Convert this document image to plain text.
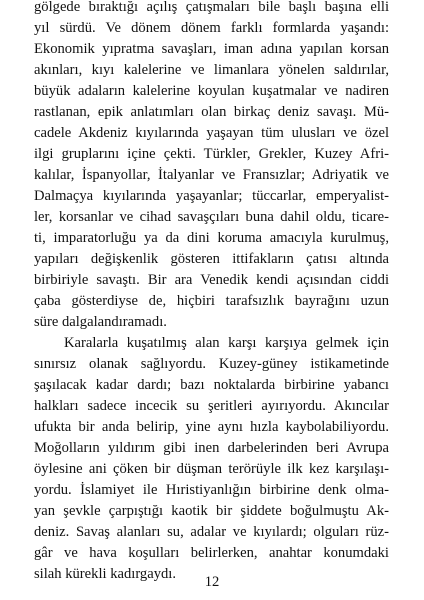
gölgede bıraktığı açılış çatışmaları bile başlı başına elli
yıl sürdü. Ve dönem dönem farklı formlarda yaşandı:
Ekonomik yıpratma savaşları, iman adına yapılan korsan
akınları, kıyı kalelerine ve limanlara yönelen saldırılar,
büyük adaların kalelerine koyulan kuşatmalar ve nadiren
rastlanan, epik anlatımları olan birkaç deniz savaşı. Mü-
cadele Akdeniz kıyılarında yaşayan tüm ulusları ve özel
ilgi gruplarını içine çekti. Türkler, Grekler, Kuzey Afri-
kalılar, İspanyollar, İtalyanlar ve Fransızlar; Adriyatik ve
Dalmaçya kıyılarında yaşayanlar; tüccarlar, emperyalist-
ler, korsanlar ve cihad savaşçıları buna dahil oldu, ticare-
ti, imparatorluğu ya da dini koruma amacıyla kurulmuş,
yapıları değişkenlik gösteren ittifakların çatısı altında
birbiriyle savaştı. Bir ara Venedik kendi açısından ciddi
çaba gösterdiyse de, hiçbiri tarafsızlık bayrağını uzun
süre dalgalandıramadı.

Karalarla kuşatılmış alan karşı karşıya gelmek için
sınırsız olanak sağlıyordu. Kuzey-güney istikametinde
şaşılacak kadar dardı; bazı noktalarda birbirine yabancı
halkları sadece incecik su şeritleri ayırıyordu. Akıncılar
ufukta bir anda belirip, yine aynı hızla kaybolabiliyordu.
Moğolların yıldırım gibi inen darbelerinden beri Avrupa
öylesine ani çöken bir düşman terörüyle ilk kez karşılaşı-
yordu. İslamiyet ile Hıristiyanlığın birbirine denk olma-
yan şevkle çarpıştığı kaotik bir şiddete boğulmuştu Ak-
deniz. Savaş alanları su, adalar ve kıyılardı; olguları rüz-
gâr ve hava koşulları belirlerken, anahtar konumdaki
silah kürekli kadırgaydı.	12
